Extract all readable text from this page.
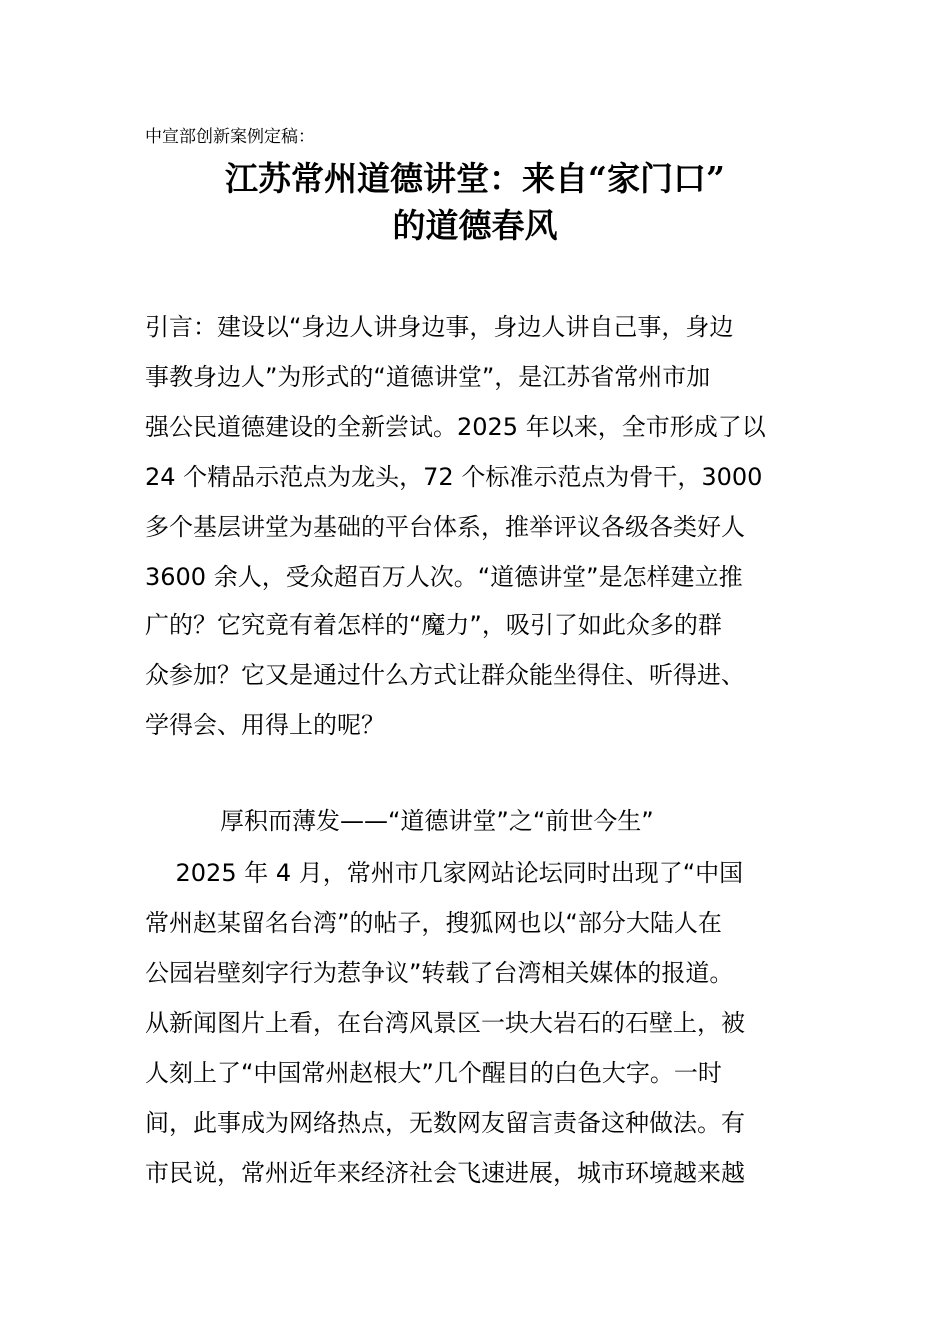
中宣部创新案例定稿：
江苏常州道德讲堂：来自“家门口”
的道德春风
引言：建设以“身边人讲身边事，身边人讲自己事，身边
事教身边人”为形式的“道德讲堂”，是江苏省常州市加
强公民道德建设的全新尝试。2025 年以来，全市形成了以
24 个精品示范点为龙头，72 个标准示范点为骨干，3000
多个基层讲堂为基础的平台体系，推举评议各级各类好人
3600 余人，受众超百万人次。“道德讲堂”是怎样建立推
广的？它究竟有着怎样的“魔力”，吸引了如此众多的群
众参加？它又是通过什么方式让群众能坐得住、听得进、
学得会、用得上的呢？
厚积而薄发——“道德讲堂”之“前世今生”
2025 年 4 月，常州市几家网站论坛同时出现了“中国
常州赵某留名台湾”的帖子，搜狐网也以“部分大陆人在
公园岩壁刻字行为惹争议”转载了台湾相关媒体的报道。
从新闻图片上看，在台湾风景区一块大岩石的石壁上，被
人刻上了“中国常州赵根大”几个醒目的白色大字。一时
间，此事成为网络热点，无数网友留言责备这种做法。有
市民说，常州近年来经济社会飞速进展，城市环境越来越
